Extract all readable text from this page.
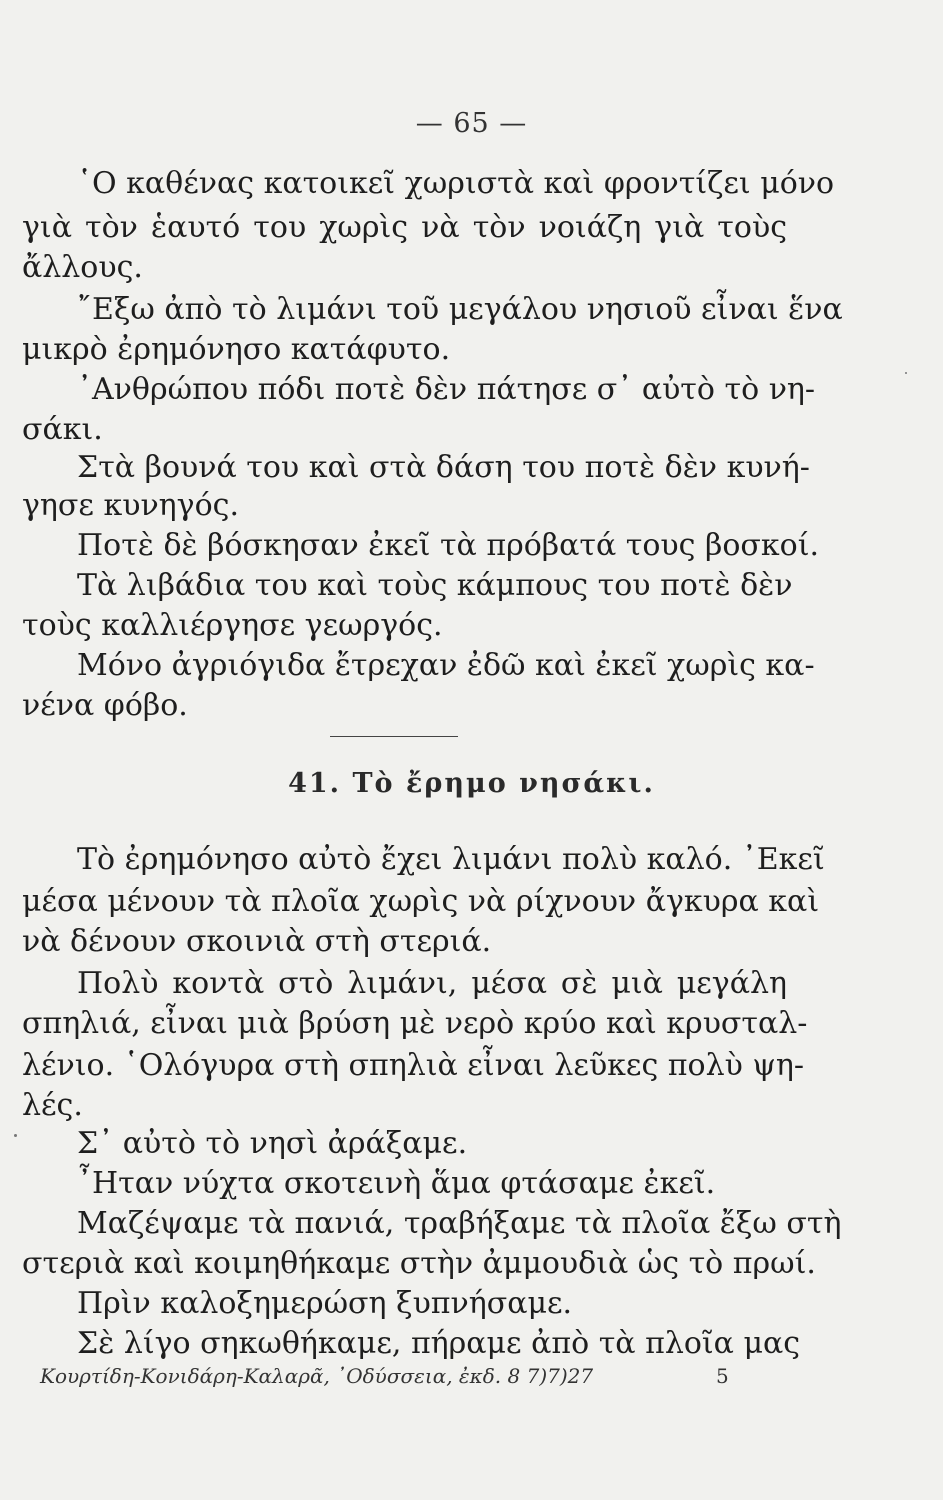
— 65 —
῾Ο καθένας κατοικεῖ χωριστὰ καὶ φροντίζει μόνο
γιὰ τὸν ἑαυτό του χωρὶς νὰ τὸν νοιάζη γιὰ τοὺς
ἄλλους.
῎Εξω ἀπὸ τὸ λιμάνι τοῦ μεγάλου νησιοῦ εἶναι ἕνα
μικρὸ ἐρημόνησο κατάφυτο.
᾿Ανθρώπου πόδι ποτὲ δὲν πάτησε σ᾿ αὐτὸ τὸ νη-
σάκι.
Στὰ βουνά του καὶ στὰ δάση του ποτὲ δὲν κυνή-
γησε κυνηγός.
Ποτὲ δὲ βόσκησαν ἐκεῖ τὰ πρόβατά τους βοσκοί.
Τὰ λιβάδια του καὶ τοὺς κάμπους του ποτὲ δὲν
τοὺς καλλιέργησε γεωργός.
Μόνο ἀγριόγιδα ἔτρεχαν ἐδῶ καὶ ἐκεῖ χωρὶς κα-
νένα φόβο.
41. Τὸ ἔρημο νησάκι.
Τὸ ἐρημόνησο αὐτὸ ἔχει λιμάνι πολὺ καλό. ᾿Εκεῖ
μέσα μένουν τὰ πλοῖα χωρὶς νὰ ρίχνουν ἄγκυρα καὶ
νὰ δένουν σκοινιὰ στὴ στεριά.
Πολὺ κοντὰ στὸ λιμάνι, μέσα σὲ μιὰ μεγάλη
σπηλιά, εἶναι μιὰ βρύση μὲ νερὸ κρύο καὶ κρυσταλ-
λένιο. ῾Ολόγυρα στὴ σπηλιὰ εἶναι λεῦκες πολὺ ψη-
λές.
Σ᾿ αὐτὸ τὸ νησὶ ἀράξαμε.
῏Ηταν νύχτα σκοτεινὴ ἅμα φτάσαμε ἐκεῖ.
Μαζέψαμε τὰ πανιά, τραβήξαμε τὰ πλοῖα ἔξω στὴ
στεριὰ καὶ κοιμηθήκαμε στὴν ἀμμουδιὰ ὡς τὸ πρωί.
Πρὶν καλοξημερώση ξυπνήσαμε.
Σὲ λίγο σηκωθήκαμε, πήραμε ἀπὸ τὰ πλοῖα μας
Κουρτίδη-Κονιδάρη-Καλαρᾶ, ᾿Οδύσσεια, ἐκδ. 8 7)7)27	5
